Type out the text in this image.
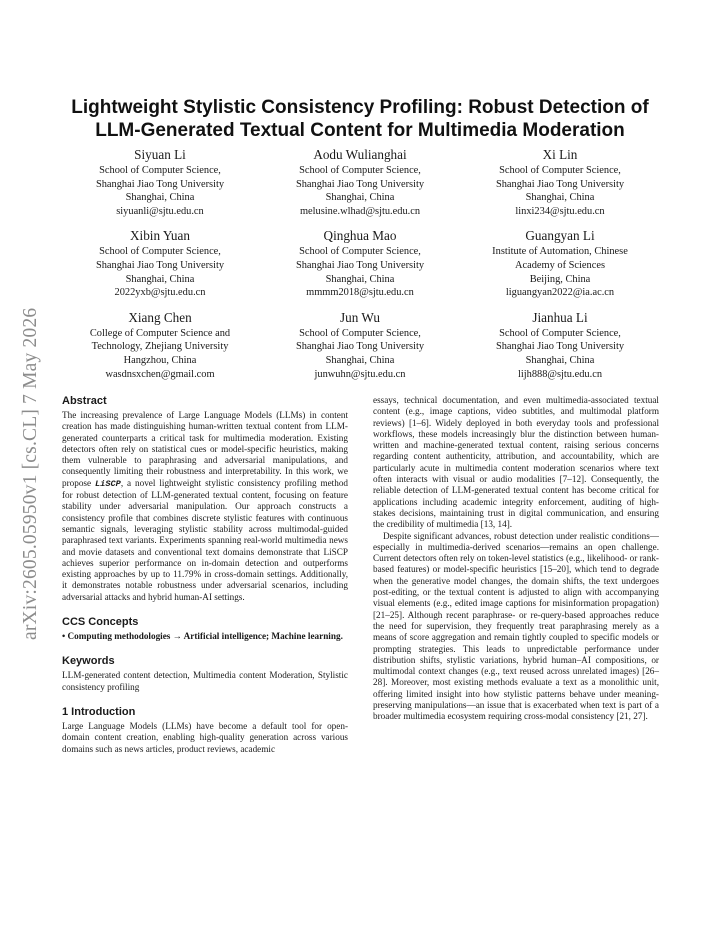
arXiv:2605.05950v1 [cs.CL] 7 May 2026
Lightweight Stylistic Consistency Profiling: Robust Detection of
LLM-Generated Textual Content for Multimedia Moderation
Siyuan Li
School of Computer Science,
Shanghai Jiao Tong University
Shanghai, China
siyuanli@sjtu.edu.cn
Aodu Wulianghai
School of Computer Science,
Shanghai Jiao Tong University
Shanghai, China
melusine.wlhad@sjtu.edu.cn
Xi Lin
School of Computer Science,
Shanghai Jiao Tong University
Shanghai, China
linxi234@sjtu.edu.cn
Xibin Yuan
School of Computer Science,
Shanghai Jiao Tong University
Shanghai, China
2022yxb@sjtu.edu.cn
Qinghua Mao
School of Computer Science,
Shanghai Jiao Tong University
Shanghai, China
mmmm2018@sjtu.edu.cn
Guangyan Li
Institute of Automation, Chinese
Academy of Sciences
Beijing, China
liguangyan2022@ia.ac.cn
Xiang Chen
College of Computer Science and
Technology, Zhejiang University
Hangzhou, China
wasdnsxchen@gmail.com
Jun Wu
School of Computer Science,
Shanghai Jiao Tong University
Shanghai, China
junwuhn@sjtu.edu.cn
Jianhua Li
School of Computer Science,
Shanghai Jiao Tong University
Shanghai, China
lijh888@sjtu.edu.cn
Abstract

The increasing prevalence of Large Language Models (LLMs) in content creation has made distinguishing human-written textual content from LLM-generated counterparts a critical task for multimedia moderation. Existing detectors often rely on statistical cues or model-specific heuristics, making them vulnerable to paraphrasing and adversarial manipulations, and consequently limiting their robustness and interpretability. In this work, we propose LiSCP, a novel lightweight stylistic consistency profiling method for robust detection of LLM-generated textual content, focusing on feature stability under adversarial manipulation. Our approach constructs a consistency profile that combines discrete stylistic features with continuous semantic signals, leveraging stylistic stability across multimodal-guided paraphrased text variants. Experiments spanning real-world multimedia news and movie datasets and conventional text domains demonstrate that LiSCP achieves superior performance on in-domain detection and outperforms existing approaches by up to 11.79% in cross-domain settings. Additionally, it demonstrates notable robustness under adversarial scenarios, including adversarial attacks and hybrid human-AI settings.

CCS Concepts

• Computing methodologies → Artificial intelligence; Machine learning.

Keywords

LLM-generated content detection, Multimedia content Moderation, Stylistic consistency profiling

1 Introduction

Large Language Models (LLMs) have become a default tool for open-domain content creation, enabling high-quality generation across various domains such as news articles, product reviews, academic

essays, technical documentation, and even multimedia-associated textual content (e.g., image captions, video subtitles, and multimodal platform reviews) [1–6]. Widely deployed in both everyday tools and professional workflows, these models increasingly blur the distinction between human-written and machine-generated textual content, raising serious concerns regarding content authenticity, attribution, and accountability, which are particularly acute in multimedia content moderation scenarios where text often interacts with visual or audio modalities [7–12]. Consequently, the reliable detection of LLM-generated textual content has become critical for applications including academic integrity enforcement, auditing of high-stakes decisions, maintaining trust in digital communication, and ensuring the credibility of multimedia [13, 14].

Despite significant advances, robust detection under realistic conditions—especially in multimedia-derived scenarios—remains an open challenge. Current detectors often rely on token-level statistics (e.g., likelihood- or rank-based features) or model-specific heuristics [15–20], which tend to degrade when the generative model changes, the domain shifts, the text undergoes post-editing, or the textual content is adjusted to align with accompanying visual elements (e.g., edited image captions for misinformation propagation) [21–25]. Although recent paraphrase- or re-query-based approaches reduce the need for supervision, they frequently treat paraphrasing merely as a means of score aggregation and remain tightly coupled to specific models or prompting strategies. This leads to unpredictable performance under distribution shifts, stylistic variations, hybrid human–AI compositions, or multimodal context changes (e.g., text reused across unrelated images) [26–28]. Moreover, most existing methods evaluate a text as a monolithic unit, offering limited insight into how stylistic patterns behave under meaning-preserving manipulations—an issue that is exacerbated when text is part of a broader multimedia ecosystem requiring cross-modal consistency [21, 27].
